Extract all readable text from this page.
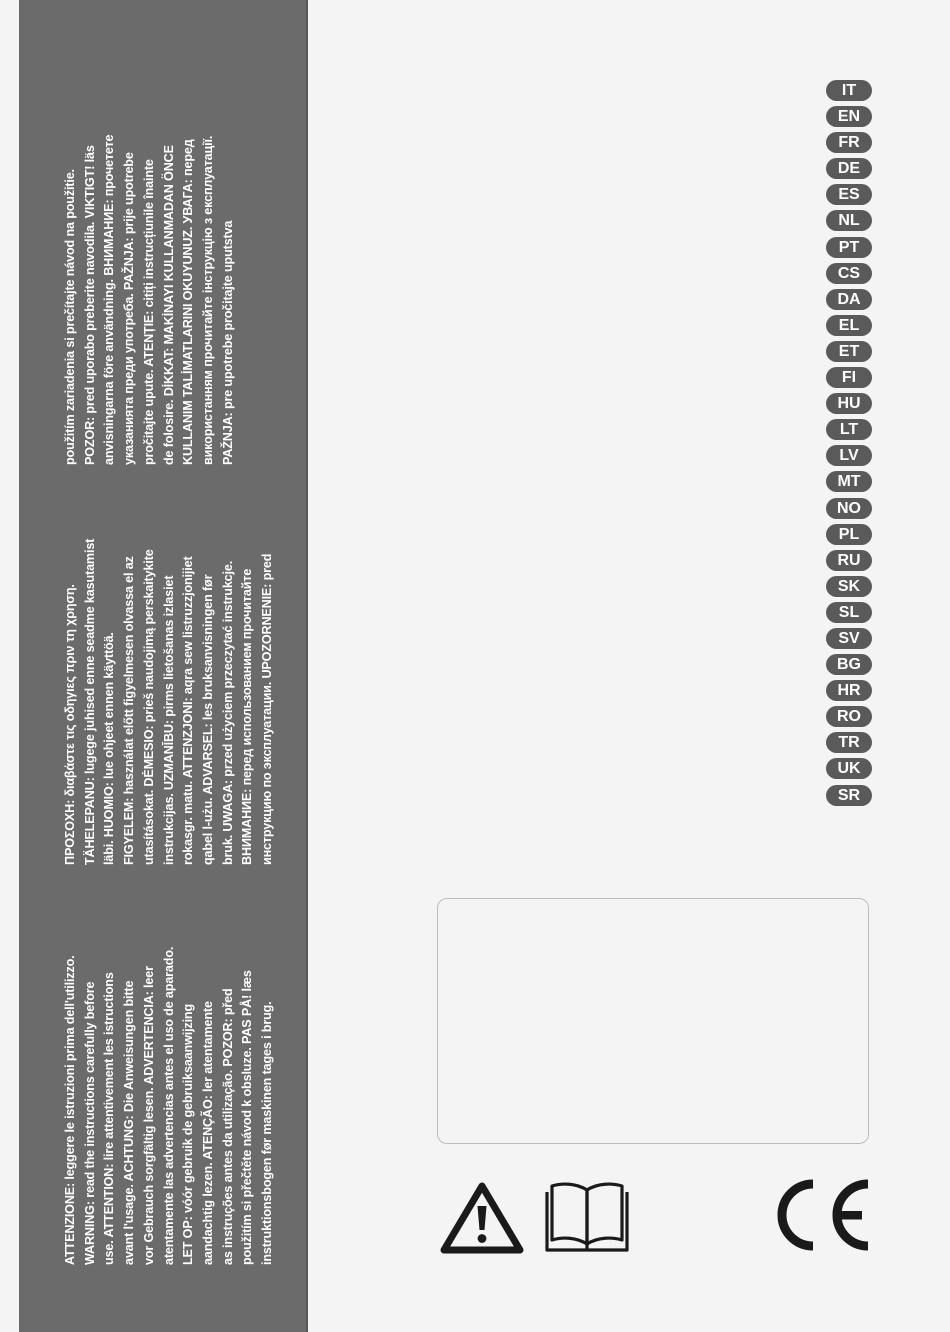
ATTENZIONE: leggere le istruzioni prima dell'utilizzo. WARNING: read the instructions carefully before use. ATTENTION: lire attentivement les istructions avant l'usage. ACHTUNG: Die Anweisungen bitte vor Gebrauch sorgfältig lesen. ADVERTENCIA: leer atentamente las advertencias antes el uso de aparado. LET OP: vóór gebruik de gebruiksaanwijzing aandachtig lezen. ATENÇÃO: ler atentamente as instruções antes da utilização. POZOR: před použitím si přečtěte návod k obsluze. PAS PÅ! læs instruktionsbogen før maskinen tages i brug.
ΠΡΟΣΟΧΗ: διαβάστε τις οδηγιες πριν τη χρηση. TÄHELEPANU: lugege juhised enne seadme kasutamist läbi. HUOMIO: lue ohjeet ennen käyttöä. FIGYELEM: használat előtt figyelmesen olvassa el az utasításokat. DĖMESIO: prieš naudojimą perskaitykite instrukcijas. UZMANĪBU: pirms lietošanas izlasiet rokasgr. matu. ATTENZJONI: aqra sew listruzzjonijiet qabel l-użu. ADVARSEL: les bruksanvisningen før bruk. UWAGA: przed użyciem przeczytać instrukcje. ВНИМАНИЕ: перед использованием прочитайте инструкцию по эксплуатации. UPOZORNENIE: pred
použitím zariadenia si prečítajte návod na použitie. POZOR: pred uporabo preberite navodila. VIKTIGT! läs anvisningarna före användning. ВНИМАНИЕ: прочетете указанията преди употреба. PAŽNJA: prije upotrebe pročitajte upute. ATENȚIE: citiți instrucțiunile înainte de folosire. DİKKAT: MAKİNAYI KULLANMADAN ÖNCE KULLANIM TALİMATLARINI OKUYUNUZ. УВАГА: перед використанням прочитайте інструкцію з експлуатації. PAŽNJA: pre upotrebe pročitajte uputstva
IT
EN
FR
DE
ES
NL
PT
CS
DA
EL
ET
FI
HU
LT
LV
MT
NO
PL
RU
SK
SL
SV
BG
HR
RO
TR
UK
SR
